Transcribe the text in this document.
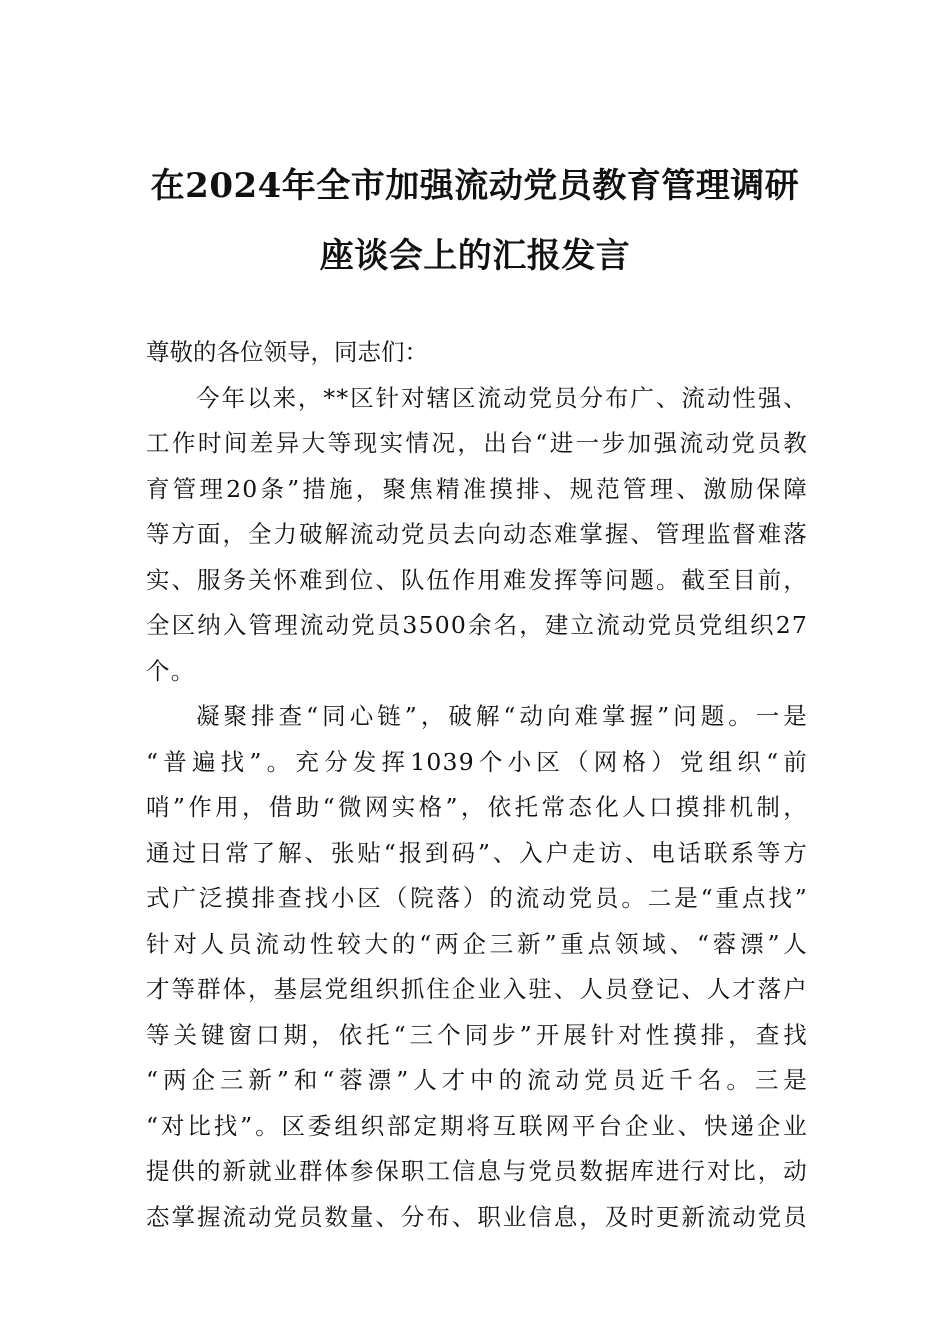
在2024年全市加强流动党员教育管理调研
座谈会上的汇报发言

尊敬的各位领导，同志们：

今年以来，**区针对辖区流动党员分布广、流动性强、
工作时间差异大等现实情况，出台“进一步加强流动党员教
育管理20条”措施，聚焦精准摸排、规范管理、激励保障
等方面，全力破解流动党员去向动态难掌握、管理监督难落
实、服务关怀难到位、队伍作用难发挥等问题。截至目前，
全区纳入管理流动党员3500余名，建立流动党员党组织27
个。
凝聚排查“同心链”，破解“动向难掌握”问题。一是
“普遍找”。充分发挥1039个小区（网格）党组织“前
哨”作用，借助“微网实格”，依托常态化人口摸排机制，
通过日常了解、张贴“报到码”、入户走访、电话联系等方
式广泛摸排查找小区（院落）的流动党员。二是“重点找”
针对人员流动性较大的“两企三新”重点领域、“蓉漂”人
才等群体，基层党组织抓住企业入驻、人员登记、人才落户
等关键窗口期，依托“三个同步”开展针对性摸排，查找
“两企三新”和“蓉漂”人才中的流动党员近千名。三是
“对比找”。区委组织部定期将互联网平台企业、快递企业
提供的新就业群体参保职工信息与党员数据库进行对比，动
态掌握流动党员数量、分布、职业信息，及时更新流动党员
